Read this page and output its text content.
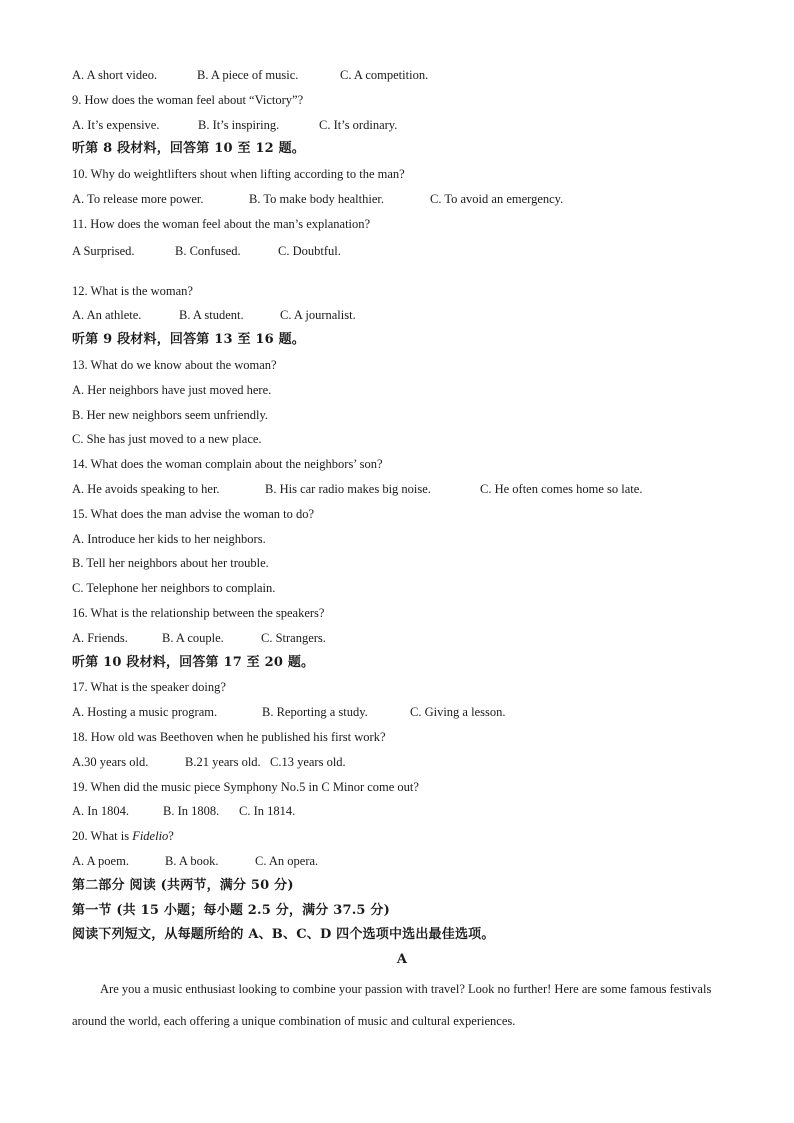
A. A short video.	B. A piece of music.	C. A competition.
9. How does the woman feel about “Victory”?
A. It’s expensive.	B. It’s inspiring.	C. It’s ordinary.
听第 8 段材料，回答第 10 至 12 题。
10. Why do weightlifters shout when lifting according to the man?
A. To release more power.	B. To make body healthier.	C. To avoid an emergency.
11. How does the woman feel about the man’s explanation?
A Surprised.	B. Confused.	C. Doubtful.
12. What is the woman?
A. An athlete.	B. A student.	C. A journalist.
听第 9 段材料，回答第 13 至 16 题。
13. What do we know about the woman?
A. Her neighbors have just moved here.
B. Her new neighbors seem unfriendly.
C. She has just moved to a new place.
14. What does the woman complain about the neighbors’ son?
A. He avoids speaking to her.	B. His car radio makes big noise.	C. He often comes home so late.
15. What does the man advise the woman to do?
A. Introduce her kids to her neighbors.
B. Tell her neighbors about her trouble.
C. Telephone her neighbors to complain.
16. What is the relationship between the speakers?
A. Friends.	B. A couple.	C. Strangers.
听第 10 段材料，回答第 17 至 20 题。
17. What is the speaker doing?
A. Hosting a music program.	B. Reporting a study.	C. Giving a lesson.
18. How old was Beethoven when he published his first work?
A.30 years old.	B.21 years old. C.13 years old.
19. When did the music piece Symphony No.5 in C Minor come out?
A. In 1804.	B. In 1808.	C. In 1814.
20. What is Fidelio?
A. A poem.	B. A book.	C. An opera.
第二部分 阅读 (共两节，满分 50 分)
第一节 (共 15 小题；每小题 2.5 分，满分 37.5 分)
阅读下列短文，从每题所给的 A、B、C、D 四个选项中选出最佳选项。
A

Are you a music enthusiast looking to combine your passion with travel? Look no further! Here are some famous festivals around the world, each offering a unique combination of music and cultural experiences.
